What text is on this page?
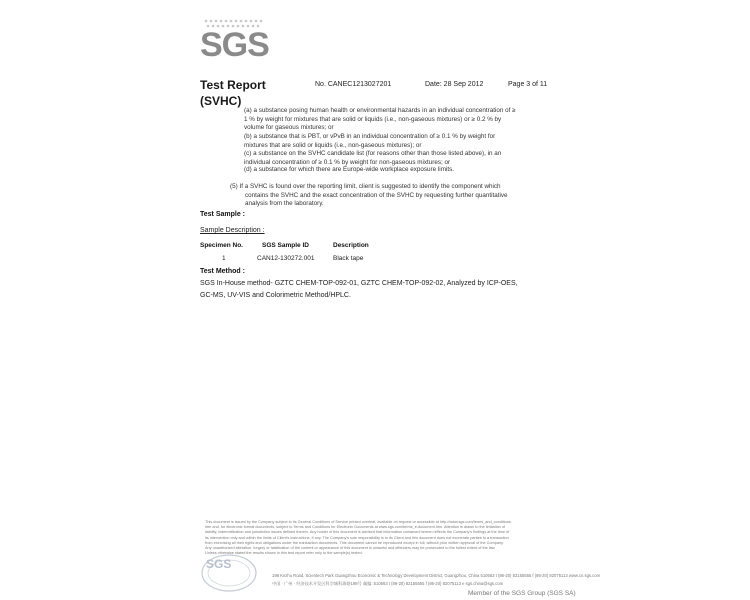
SGS
Test Report
(SVHC)
No. CANEC1213027201	Date: 28 Sep 2012	Page 3 of 11
(a) a substance posing human health or environmental hazards in an individual concentration of ≥
1 % by weight for mixtures that are solid or liquids (i.e., non-gaseous mixtures) or ≥ 0.2 % by
volume for gaseous mixtures; or
(b) a substance that is PBT, or vPvB in an individual concentration of ≥ 0.1 % by weight for
mixtures that are solid or liquids (i.e., non-gaseous mixtures); or
(c) a substance on the SVHC candidate list (for reasons other than those listed above), in an
individual concentration of ≥ 0.1 % by weight for non-gaseous mixtures; or
(d) a substance for which there are Europe-wide workplace exposure limits.
(5) If a SVHC is found over the reporting limit, client is suggested to identify the component which
contains the SVHC and the exact concentration of the SVHC by requesting further quantitative
analysis from the laboratory.
Test Sample :
Sample Description :
Specimen No.	SGS Sample ID	Description
1	CAN12-130272.001	Black tape
Test Method :
SGS In-House method- GZTC CHEM-TOP-092-01, GZTC CHEM-TOP-092-02, Analyzed by ICP-OES,
GC-MS, UV-VIS and Colorimetric Method/HPLC.
This document is issued by the Company subject to its General Conditions of Service printed overleaf, available on request or accessible at http://www.sgs.com/terms_and_conditions.
htm and, for electronic format documents, subject to Terms and Conditions for Electronic Documents at www.sgs.com/terms_e-document.htm. Attention is drawn to the limitation of
liability, indemnification and jurisdiction issues defined therein. Any holder of this document is advised that information contained hereon reflects the Company's findings at the time of
its intervention only and within the limits of Client's instructions, if any. The Company's sole responsibility is to its Client and this document does not exonerate parties to a transaction
from exercising all their rights and obligations under the transaction documents. This document cannot be reproduced except in full, without prior written approval of the Company.
Any unauthorized alteration, forgery or falsification of the content or appearance of this document is unlawful and offenders may be prosecuted to the fullest extent of the law.
Unless otherwise stated the results shown in this test report refer only to the sample(s) tested.
SGS
198 Kezhu Road, Scientech Park Guangzhou Economic & Technology Development District, Guangzhou, China 510663 t (86-20) 82155555 f (86-20) 82075113 www.cn.sgs.com
中国 · 广州 · 经济技术开发区科学城科珠路198号 邮编: 510663 t (86-20) 82155555 f (86-20) 82075113 e sgs.china@sgs.com
Member of the SGS Group (SGS SA)
